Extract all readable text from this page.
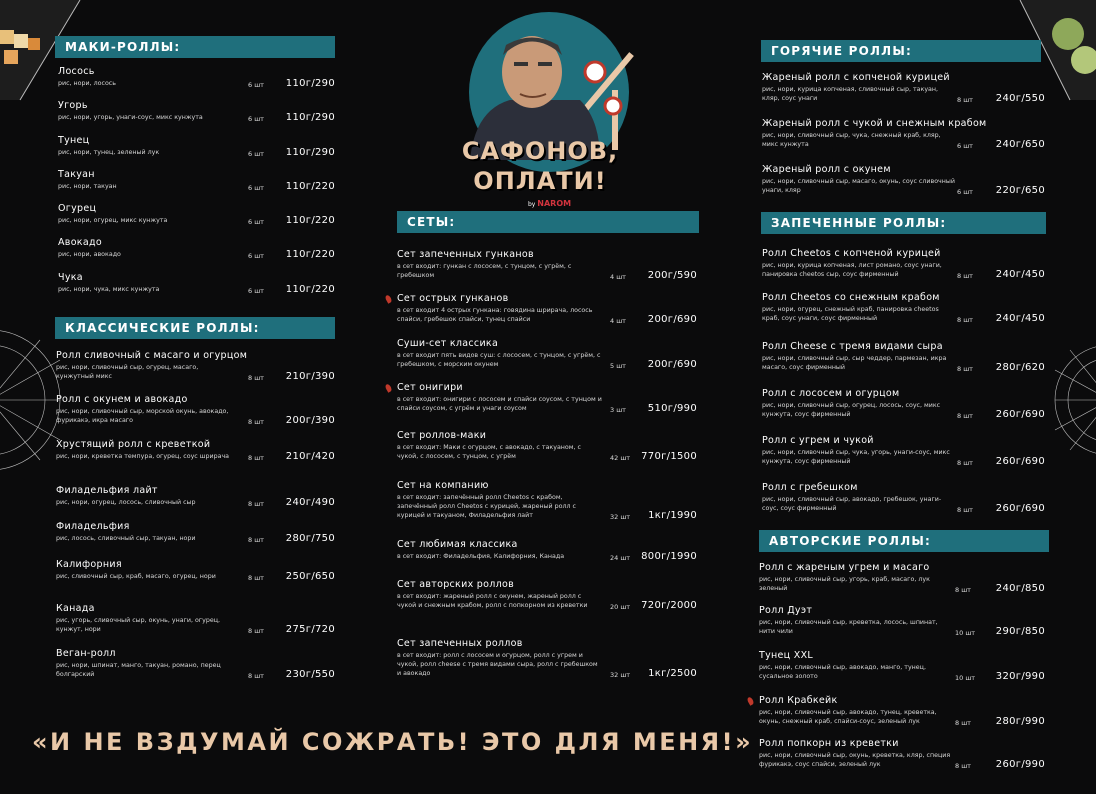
САФОНОВ,
ОПЛАТИ!
by NAROM
МАКИ-РОЛЛЫ:
КЛАССИЧЕСКИЕ РОЛЛЫ:
СЕТЫ:
ГОРЯЧИЕ РОЛЛЫ:
ЗАПЕЧЕННЫЕ РОЛЛЫ:
АВТОРСКИЕ РОЛЛЫ:
Лосось
рис, нори, лосось	6 шт	110г/290
Угорь
рис, нори, угорь, унаги-соус, микс кунжута	6 шт	110г/290
Тунец
рис, нори, тунец, зеленый лук	6 шт	110г/290
Такуан
рис, нори, такуан	6 шт	110г/220
Огурец
рис, нори, огурец, микс кунжута	6 шт	110г/220
Авокадо
рис, нори, авокадо	6 шт	110г/220
Чука
рис, нори, чука, микс кунжута	6 шт	110г/220
Ролл сливочный с масаго и огурцом
рис, нори, сливочный сыр, огурец, масаго, кунжутный микс	8 шт	210г/390
Ролл с окунем и авокадо
рис, нори, сливочный сыр, морской окунь, авокадо, фурикакэ, икра масаго	8 шт	200г/390
Хрустящий ролл с креветкой
рис, нори, креветка темпура, огурец, соус шрирача	8 шт	210г/420
Филадельфия лайт
рис, нори, огурец, лосось, сливочный сыр	8 шт	240г/490
Филадельфия
рис, лосось, сливочный сыр, такуан, нори	8 шт	280г/750
Калифорния
рис, сливочный сыр, краб, масаго, огурец, нори	8 шт	250г/650
Канада
рис, угорь, сливочный сыр, окунь, унаги, огурец, кунжут, нори	8 шт	275г/720
Веган-ролл
рис, нори, шпинат, манго, такуан, романо, перец болгарский	8 шт	230г/550
Сет запеченных гунканов
в сет входит: гункан с лососем, с тунцом, с угрём, с гребешком	4 шт	200г/590
Сет острых гунканов
в сет входит 4 острых гункана: говядина шрирача, лосось спайси, гребешок спайси, тунец спайси	4 шт	200г/690
Суши-сет классика
в сет входит пять видов суш: с лососем, с тунцом, с угрём, с гребешком, с морским окунем	5 шт	200г/690
Сет онигири
в сет входит: онигири с лососем и спайси соусом, с тунцом и спайси соусом, с угрём и унаги соусом	3 шт	510г/990
Сет роллов-маки
в сет входит: Маки с огурцом, с авокадо, с такуаном, с чукой, с лососем, с тунцом, с угрём	42 шт	770г/1500
Сет на компанию
в сет входит: запечённый ролл Cheetos с крабом, запечённый ролл Cheetos с курицей, жареный ролл с курицей и такуаном, Филадельфия лайт	32 шт	1кг/1990
Сет любимая классика
в сет входит: Филадельфия, Калифорния, Канада	24 шт	800г/1990
Сет авторских роллов
в сет входит: жареный ролл с окунем, жареный ролл с чукой и снежным крабом, ролл с попкорном из креветки	20 шт	720г/2000
Сет запеченных роллов
в сет входит: ролл с лососем и огурцом, ролл с угрем и чукой, ролл cheese с тремя видами сыра, ролл с гребешком и авокадо	32 шт	1кг/2500
Жареный ролл с копченой курицей
рис, нори, курица копченая, сливочный сыр, такуан, кляр, соус унаги	8 шт	240г/550
Жареный ролл с чукой и снежным крабом
рис, нори, сливочный сыр, чука, снежный краб, кляр, микс кунжута	6 шт	240г/650
Жареный ролл с окунем
рис, нори, сливочный сыр, масаго, окунь, соус сливочный унаги, кляр	6 шт	220г/650
Ролл Cheetos с копченой курицей
рис, нори, курица копченая, лист романо, соус унаги, панировка cheetos сыр, соус фирменный	8 шт	240г/450
Ролл Cheetos со снежным крабом
рис, нори, огурец, снежный краб, панировка cheetos краб, соус унаги, соус фирменный	8 шт	240г/450
Ролл Cheese с тремя видами сыра
рис, нори, сливочный сыр, сыр чеддер, пармезан, икра масаго, соус фирменный	8 шт	280г/620
Ролл с лососем и огурцом
рис, нори, сливочный сыр, огурец, лосось, соус, микс кунжута, соус фирменный	8 шт	260г/690
Ролл с угрем и чукой
рис, нори, сливочный сыр, чука, угорь, унаги-соус, микс кунжута, соус фирменный	8 шт	260г/690
Ролл с гребешком
рис, нори, сливочный сыр, авокадо, гребешок, унаги-соус, соус фирменный	8 шт	260г/690
Ролл с жареным угрем и масаго
рис, нори, сливочный сыр, угорь, краб, масаго, лук зеленый	8 шт	240г/850
Ролл Дуэт
рис, нори, сливочный сыр, креветка, лосось, шпинат, нити чили	10 шт	290г/850
Тунец XXL
рис, нори, сливочный сыр, авокадо, манго, тунец, сусальное золото	10 шт	320г/990
Ролл Крабкейк
рис, нори, сливочный сыр, авокадо, тунец, креветка, окунь, снежный краб, спайси-соус, зеленый лук	8 шт	280г/990
Ролл попкорн из креветки
рис, нори, сливочный сыр, окунь, креветка, кляр, специя фурикакэ, соус спайси, зеленый лук	8 шт	260г/990
«И НЕ ВЗДУМАЙ СОЖРАТЬ! ЭТО ДЛЯ МЕНЯ!»
